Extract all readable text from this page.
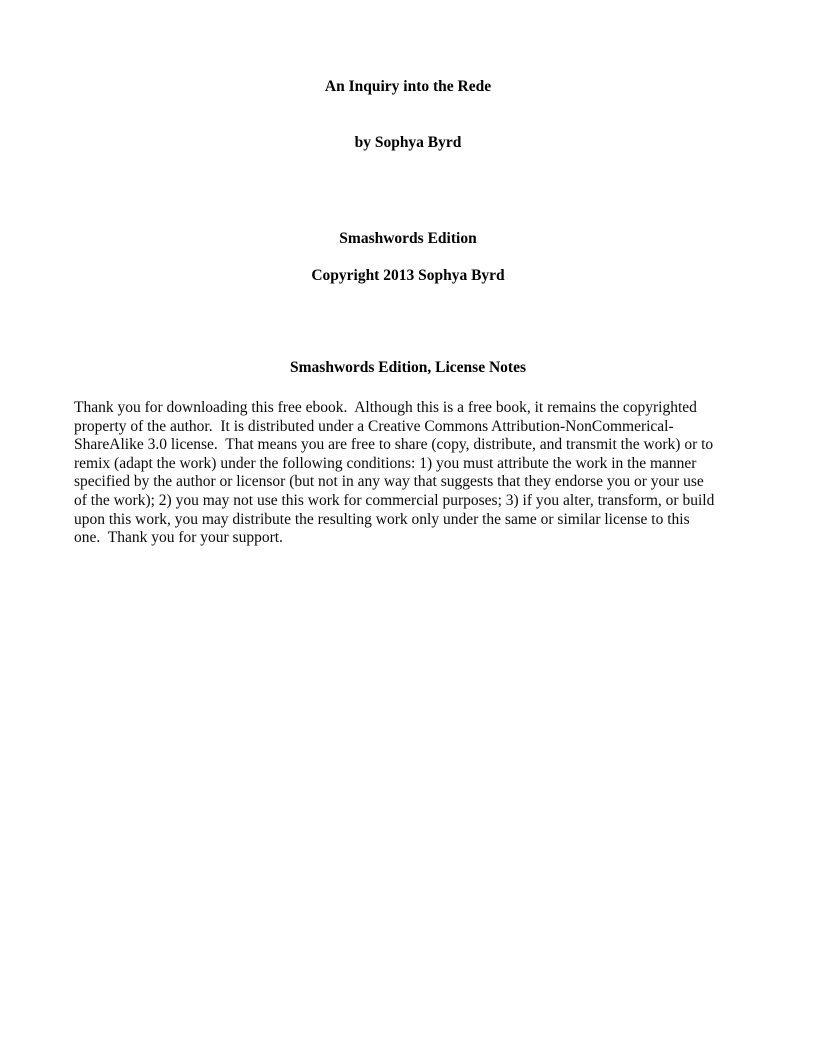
An Inquiry into the Rede
by Sophya Byrd
Smashwords Edition
Copyright 2013 Sophya Byrd
Smashwords Edition, License Notes

Thank you for downloading this free ebook.  Although this is a free book, it remains the copyrighted
property of the author.  It is distributed under a Creative Commons Attribution-NonCommerical-
ShareAlike 3.0 license.  That means you are free to share (copy, distribute, and transmit the work) or to
remix (adapt the work) under the following conditions: 1) you must attribute the work in the manner
specified by the author or licensor (but not in any way that suggests that they endorse you or your use
of the work); 2) you may not use this work for commercial purposes; 3) if you alter, transform, or build
upon this work, you may distribute the resulting work only under the same or similar license to this
one.  Thank you for your support.
